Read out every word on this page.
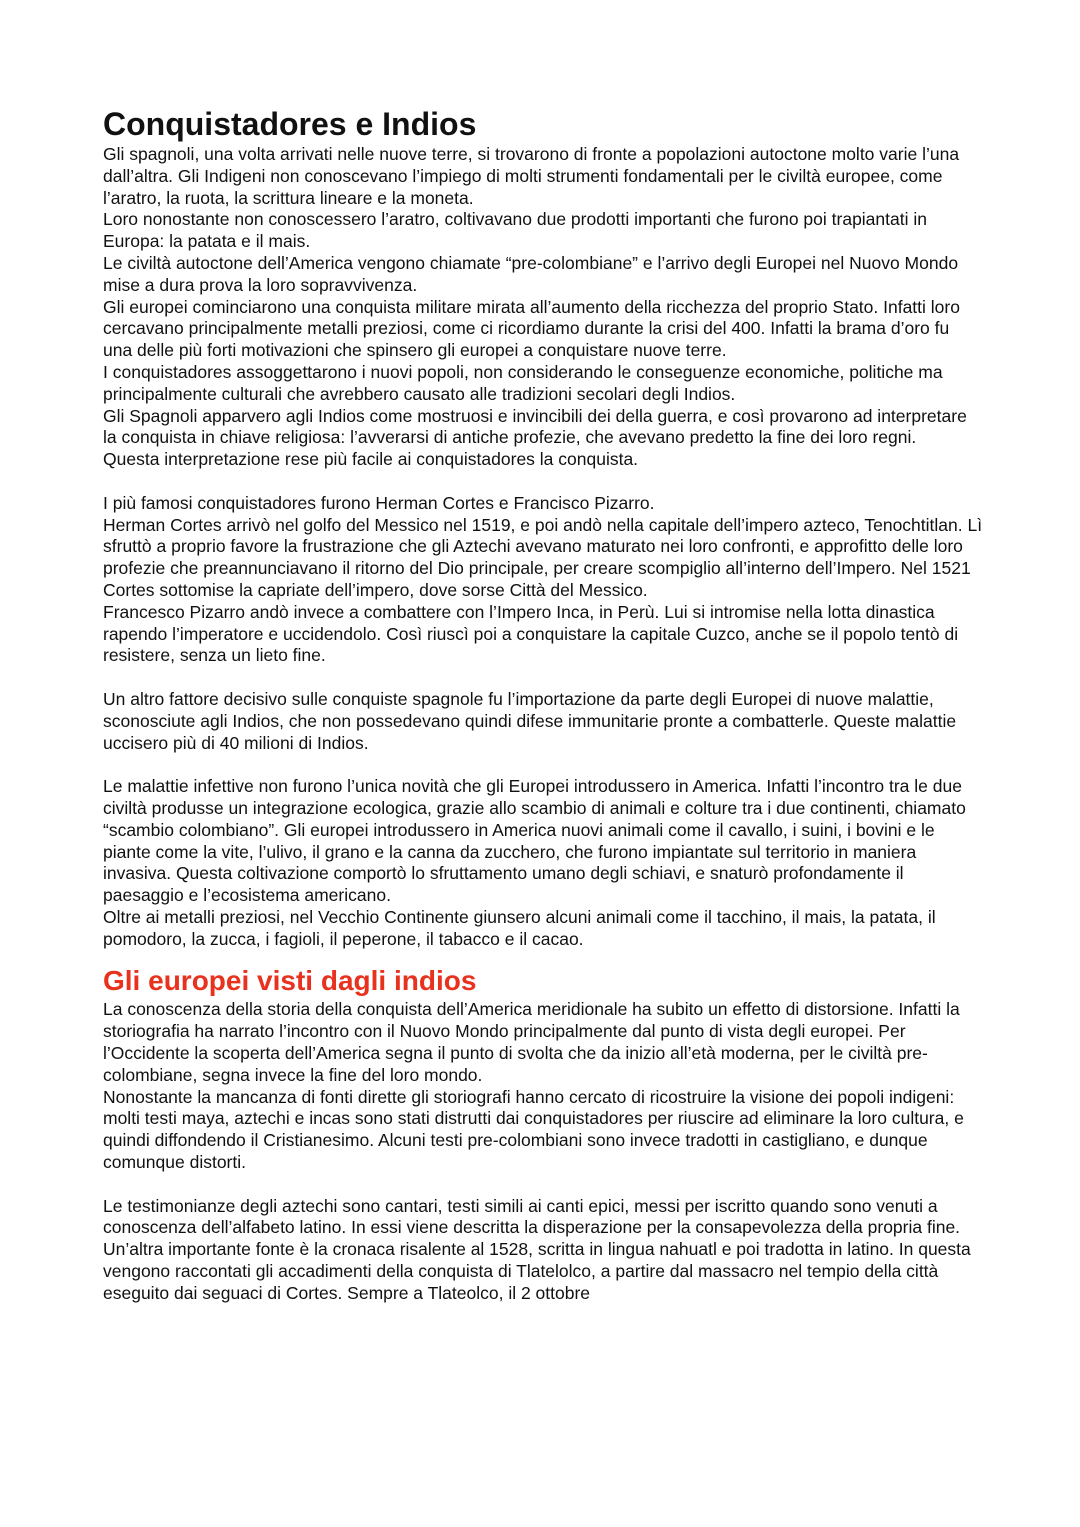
Conquistadores e Indios

Gli spagnoli, una volta arrivati nelle nuove terre, si trovarono di fronte a popolazioni autoctone molto varie l’una dall’altra. Gli Indigeni non conoscevano l’impiego di molti strumenti fondamentali per le civiltà europee, come l’aratro, la ruota, la scrittura lineare e la moneta.

Loro nonostante non conoscessero l’aratro, coltivavano due prodotti importanti che furono poi trapiantati in Europa: la patata e il mais.

Le civiltà autoctone dell’America vengono chiamate “pre-colombiane” e l’arrivo degli Europei nel Nuovo Mondo mise a dura prova la loro sopravvivenza.

Gli europei cominciarono una conquista militare mirata all’aumento della ricchezza del proprio Stato. Infatti loro cercavano principalmente metalli preziosi, come ci ricordiamo durante la crisi del 400. Infatti la brama d’oro fu una delle più forti motivazioni che spinsero gli europei a conquistare nuove terre.

I conquistadores assoggettarono i nuovi popoli, non considerando le conseguenze economiche, politiche ma principalmente culturali che avrebbero causato alle tradizioni secolari degli Indios.

Gli Spagnoli apparvero agli Indios come mostruosi e invincibili dei della guerra, e così provarono ad interpretare la conquista in chiave religiosa: l’avverarsi di antiche profezie, che avevano predetto la fine dei loro regni.

Questa interpretazione rese più facile ai conquistadores la conquista.

I più famosi conquistadores furono Herman Cortes e Francisco Pizarro.

Herman Cortes arrivò nel golfo del Messico nel 1519, e poi andò nella capitale dell’impero azteco, Tenochtitlan. Lì sfruttò a proprio favore la frustrazione che gli Aztechi avevano maturato nei loro confronti, e approfitto delle loro profezie che preannunciavano il ritorno del Dio principale, per creare scompiglio all’interno dell’Impero. Nel 1521 Cortes sottomise la capriate dell’impero, dove sorse Città del Messico.

Francesco Pizarro andò invece a combattere con l’Impero Inca, in Perù. Lui si intromise nella lotta dinastica rapendo l’imperatore e uccidendolo. Così riuscì poi a conquistare la capitale Cuzco, anche se il popolo tentò di resistere, senza un lieto fine.

Un altro fattore decisivo sulle conquiste spagnole fu l’importazione da parte degli Europei di nuove malattie, sconosciute agli Indios, che non possedevano quindi difese immunitarie pronte a combatterle. Queste malattie uccisero più di 40 milioni di Indios.

Le malattie infettive non furono l’unica novità che gli Europei introdussero in America. Infatti l’incontro tra le due civiltà produsse un integrazione ecologica, grazie allo scambio di animali e colture tra i due continenti, chiamato “scambio colombiano”. Gli europei introdussero in America nuovi animali come il cavallo, i suini, i bovini e le piante come la vite, l’ulivo, il grano e la canna da zucchero, che furono impiantate sul territorio in maniera invasiva. Questa coltivazione comportò lo sfruttamento umano degli schiavi, e snaturò profondamente il paesaggio e l’ecosistema americano.

Oltre ai metalli preziosi, nel Vecchio Continente giunsero alcuni animali come il tacchino, il mais, la patata, il pomodoro, la zucca, i fagioli, il peperone, il tabacco e il cacao.

Gli europei visti dagli indios

La conoscenza della storia della conquista dell’America meridionale ha subito un effetto di distorsione. Infatti la storiografia ha narrato l’incontro con il Nuovo Mondo principalmente dal punto di vista degli europei. Per l’Occidente la scoperta dell’America segna il punto di svolta che da inizio all’età moderna, per le civiltà pre-colombiane, segna invece la fine del loro mondo.

Nonostante la mancanza di fonti dirette gli storiografi hanno cercato di ricostruire la visione dei popoli indigeni: molti testi maya, aztechi e incas sono stati distrutti dai conquistadores per riuscire ad eliminare la loro cultura, e quindi diffondendo il Cristianesimo. Alcuni testi pre-colombiani sono invece tradotti in castigliano, e dunque comunque distorti.

Le testimonianze degli aztechi sono cantari, testi simili ai canti epici, messi per iscritto quando sono venuti a conoscenza dell’alfabeto latino. In essi viene descritta la disperazione per la consapevolezza della propria fine.

Un’altra importante fonte è la cronaca risalente al 1528, scritta in lingua nahuatl e poi tradotta in latino. In questa vengono raccontati gli accadimenti della conquista di Tlatelolco, a partire dal massacro nel tempio della città eseguito dai seguaci di Cortes. Sempre a Tlateolco, il 2 ottobre
